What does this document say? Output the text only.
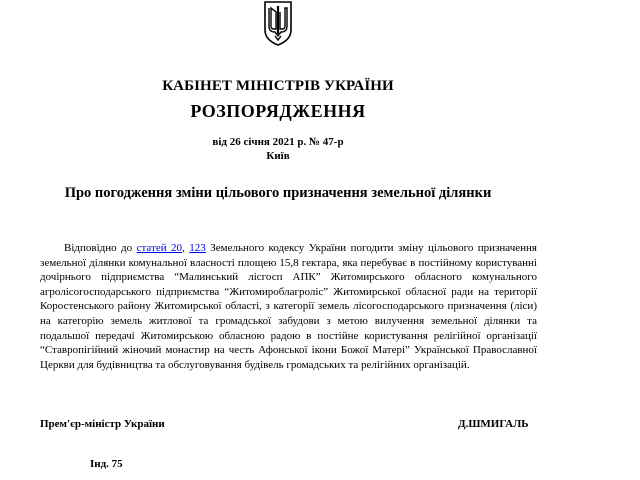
КАБІНЕТ МІНІСТРІВ УКРАЇНИ
РОЗПОРЯДЖЕННЯ
від 26 січня 2021 р. № 47-р
Київ
Про погодження зміни цільового призначення земельної ділянки

Відповідно до статей 20, 123 Земельного кодексу України погодити зміну цільового призначення земельної ділянки комунальної власності площею 15,8 гектара, яка перебуває в постійному користуванні дочірнього підприємства “Малинський лісгосп АПК” Житомирського обласного комунального агролісогосподарського підприємства “Житомироблагроліс” Житомирської обласної ради на території Коростенського району Житомирської області, з категорії земель лісогосподарського призначення (ліси) на категорію земель житлової та громадської забудови з метою вилучення земельної ділянки та подальшої передачі Житомирською обласною радою в постійне користування релігійної організації “Ставропігійний жіночий монастир на честь Афонської ікони Божої Матері” Української Православної Церкви для будівництва та обслуговування будівель громадських та релігійних організацій.

Прем'єр-міністр України	Д.ШМИГАЛЬ
Інд. 75
